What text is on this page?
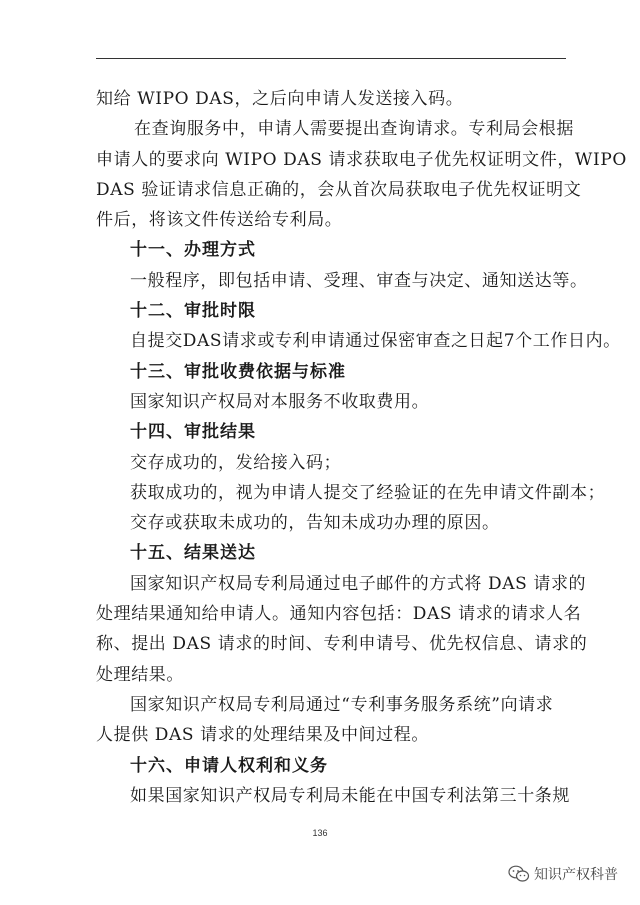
知给 WIPO DAS，之后向申请人发送接入码。
在查询服务中，申请人需要提出查询请求。专利局会根据
申请人的要求向 WIPO DAS 请求获取电子优先权证明文件，WIPO
DAS 验证请求信息正确的，会从首次局获取电子优先权证明文
件后，将该文件传送给专利局。
十一、办理方式
一般程序，即包括申请、受理、审查与决定、通知送达等。
十二、审批时限
自提交DAS请求或专利申请通过保密审查之日起7个工作日内。
十三、审批收费依据与标准
国家知识产权局对本服务不收取费用。
十四、审批结果
交存成功的，发给接入码；
获取成功的，视为申请人提交了经验证的在先申请文件副本；
交存或获取未成功的，告知未成功办理的原因。
十五、结果送达
国家知识产权局专利局通过电子邮件的方式将 DAS 请求的
处理结果通知给申请人。通知内容包括：DAS 请求的请求人名
称、提出 DAS 请求的时间、专利申请号、优先权信息、请求的
处理结果。
国家知识产权局专利局通过“专利事务服务系统”向请求
人提供 DAS 请求的处理结果及中间过程。
十六、申请人权利和义务
如果国家知识产权局专利局未能在中国专利法第三十条规
136
知识产权科普
